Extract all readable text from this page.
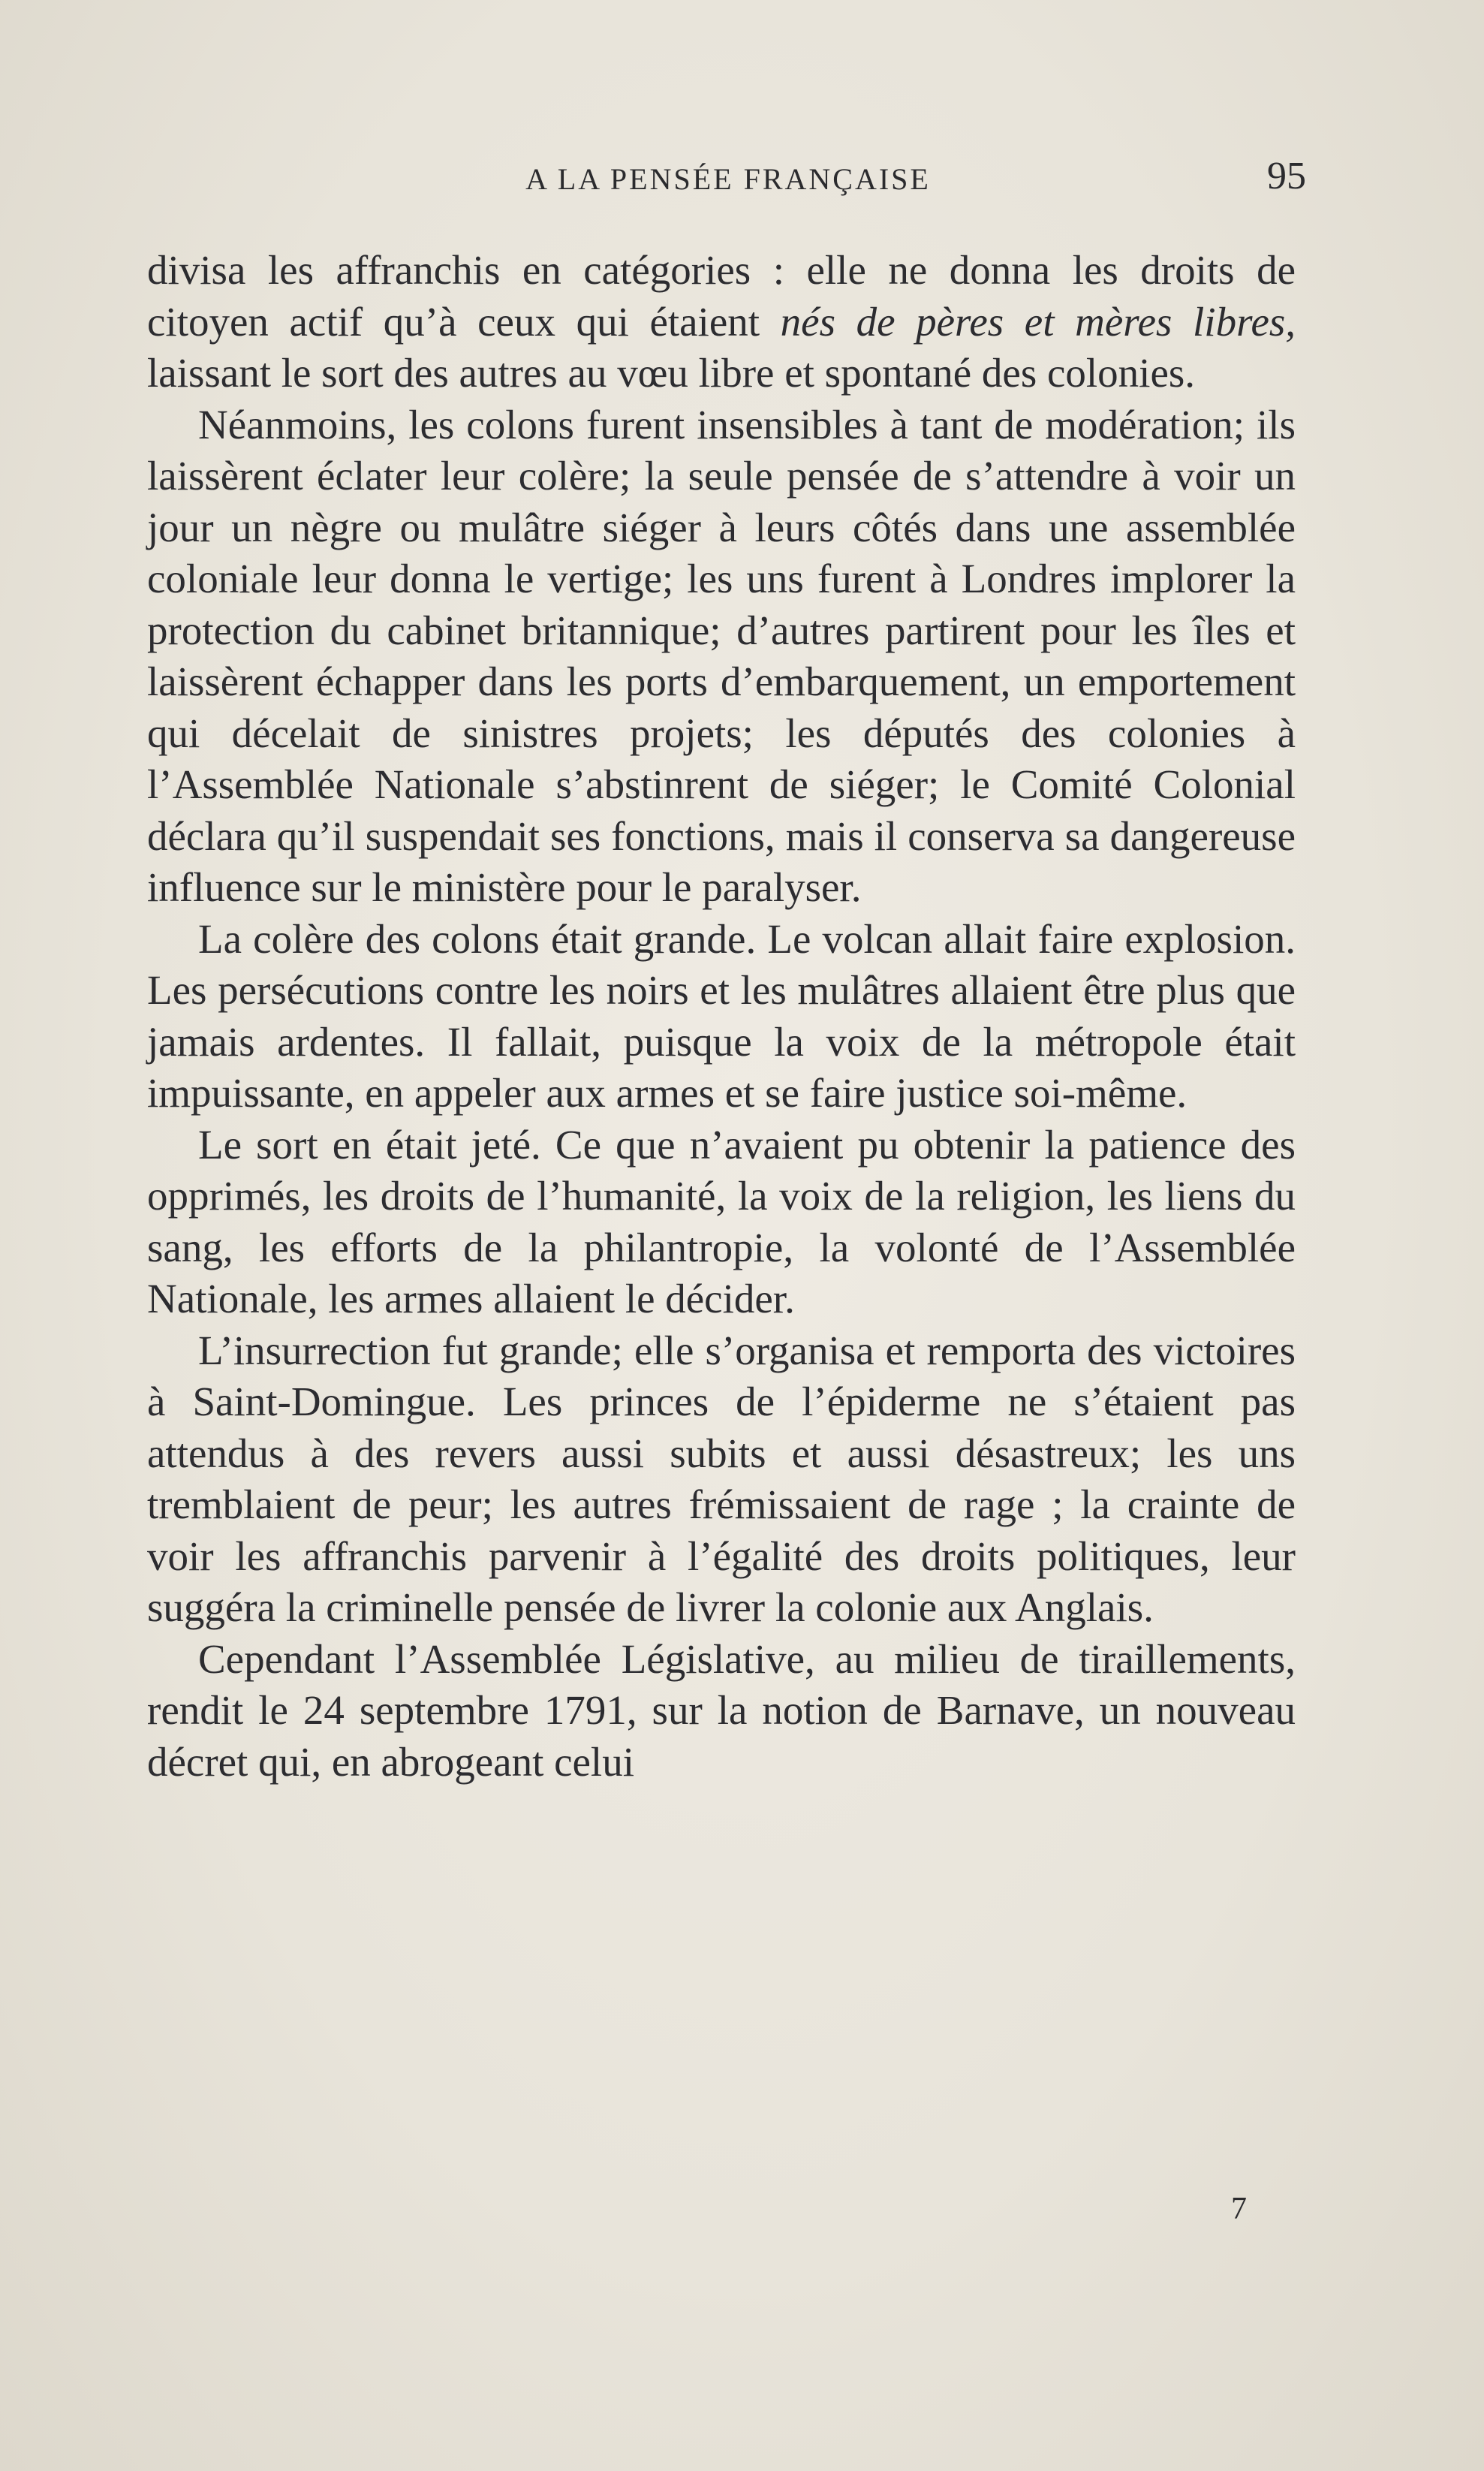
A LA PENSÉE FRANÇAISE	95

divisa les affranchis en catégories : elle ne donna les droits de citoyen actif qu’à ceux qui étaient nés de pères et mères libres, laissant le sort des autres au vœu libre et spontané des colonies.

Néanmoins, les colons furent insensibles à tant de modération; ils laissèrent éclater leur colère; la seule pensée de s’attendre à voir un jour un nègre ou mulâtre siéger à leurs côtés dans une assemblée coloniale leur donna le vertige; les uns furent à Londres implorer la protection du cabinet britannique; d’autres partirent pour les îles et laissèrent échapper dans les ports d’embarquement, un emportement qui décelait de sinistres projets; les députés des colonies à l’Assemblée Nationale s’abstinrent de siéger; le Comité Colonial déclara qu’il suspendait ses fonctions, mais il conserva sa dangereuse influence sur le ministère pour le paralyser.

La colère des colons était grande. Le volcan allait faire explosion. Les persécutions contre les noirs et les mulâtres allaient être plus que jamais ardentes. Il fallait, puisque la voix de la métropole était impuissante, en appeler aux armes et se faire justice soi-même.

Le sort en était jeté. Ce que n’avaient pu obtenir la patience des opprimés, les droits de l’humanité, la voix de la religion, les liens du sang, les efforts de la philantropie, la volonté de l’Assemblée Nationale, les armes allaient le décider.

L’insurrection fut grande; elle s’organisa et remporta des victoires à Saint-Domingue. Les princes de l’épiderme ne s’étaient pas attendus à des revers aussi subits et aussi désastreux; les uns tremblaient de peur; les autres frémissaient de rage ; la crainte de voir les affranchis parvenir à l’égalité des droits politiques, leur suggéra la criminelle pensée de livrer la colonie aux Anglais.

Cependant l’Assemblée Législative, au milieu de tiraillements, rendit le 24 septembre 1791, sur la notion de Barnave, un nouveau décret qui, en abrogeant celui

7
